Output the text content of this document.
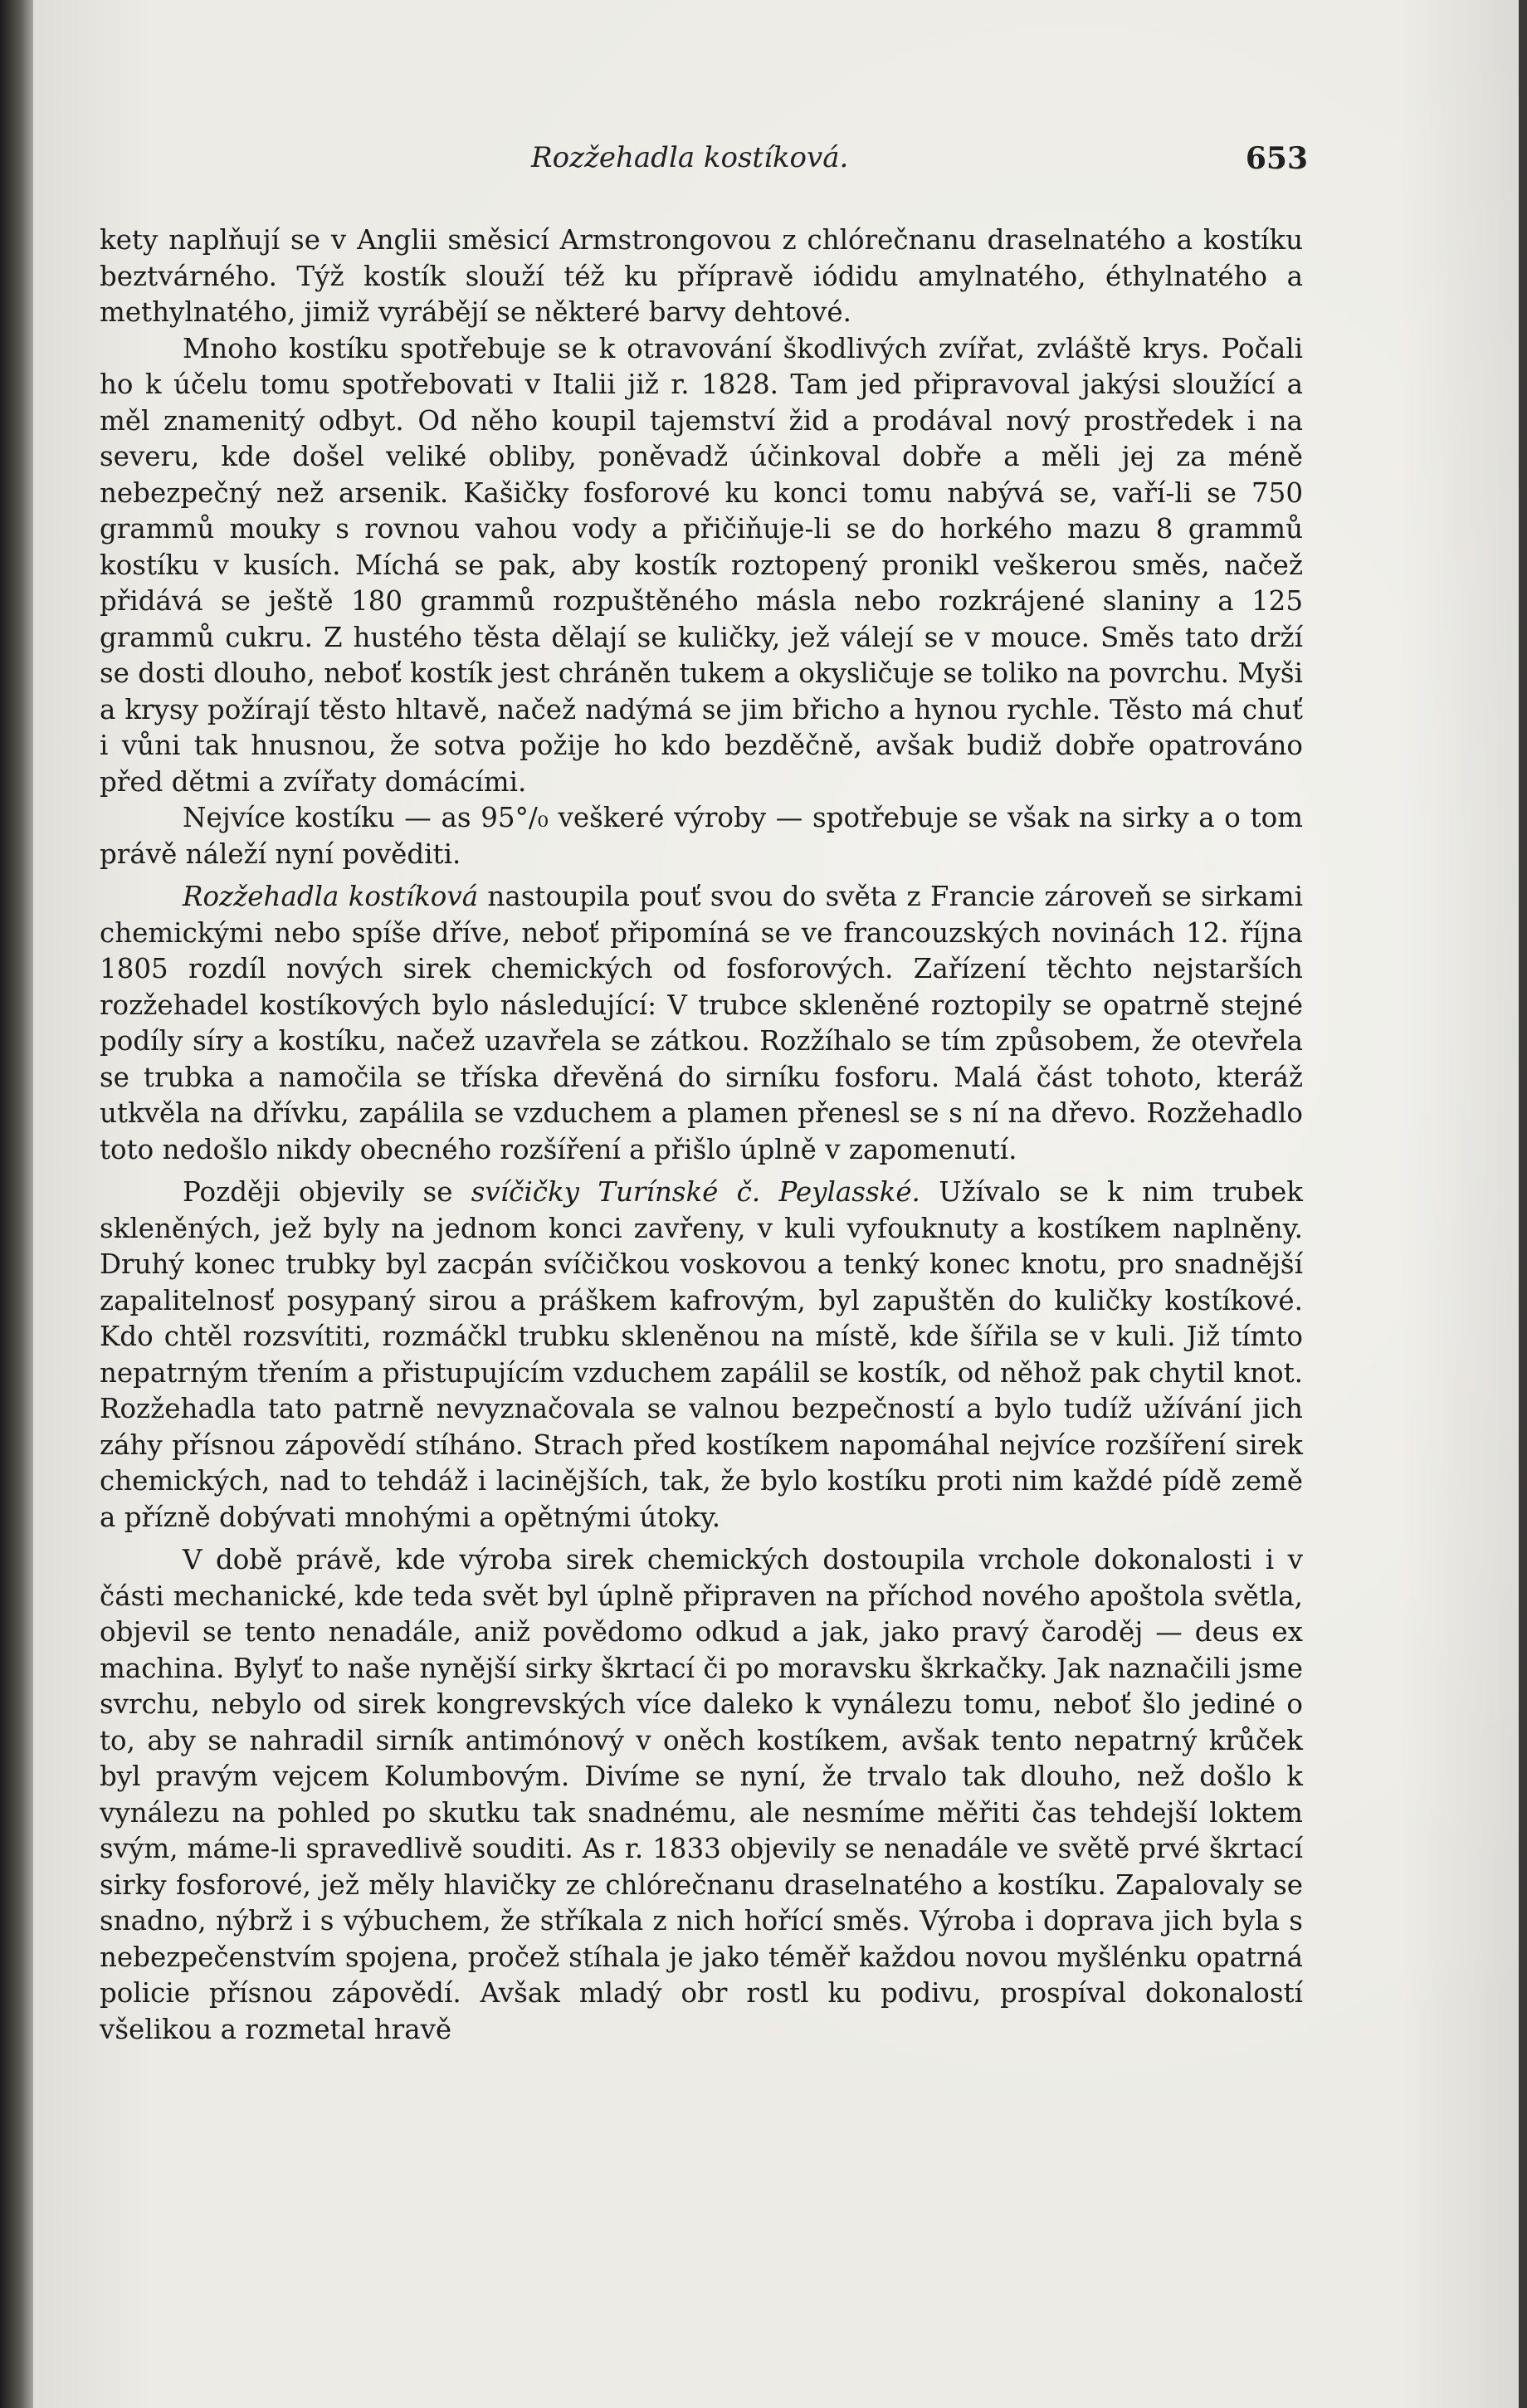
Rozžehadla kostíková.	653

kety naplňují se v Anglii směsicí Armstrongovou z chlórečnanu draselnatého a kostíku beztvárného. Týž kostík slouží též ku přípravě iódidu amylnatého, éthylnatého a methylnatého, jimiž vyrábějí se některé barvy dehtové.

Mnoho kostíku spotřebuje se k otravování škodlivých zvířat, zvláště krys. Počali ho k účelu tomu spotřebovati v Italii již r. 1828. Tam jed připravoval jakýsi sloužící a měl znamenitý odbyt. Od něho koupil tajemství žid a prodával nový prostředek i na severu, kde došel veliké obliby, poněvadž účinkoval dobře a měli jej za méně nebezpečný než arsenik. Kašičky fosforové ku konci tomu nabývá se, vaří-li se 750 grammů mouky s rovnou vahou vody a přičiňuje-li se do horkého mazu 8 grammů kostíku v kusích. Míchá se pak, aby kostík roztopený pronikl veškerou směs, načež přidává se ještě 180 grammů rozpuštěného másla nebo rozkrájené slaniny a 125 grammů cukru. Z hustého těsta dělají se kuličky, jež válejí se v mouce. Směs tato drží se dosti dlouho, neboť kostík jest chráněn tukem a okysličuje se toliko na povrchu. Myši a krysy požírají těsto hltavě, načež nadýmá se jim břicho a hynou rychle. Těsto má chuť i vůni tak hnusnou, že sotva požije ho kdo bezděčně, avšak budiž dobře opatrováno před dětmi a zvířaty domácími.

Nejvíce kostíku — as 95°/₀ veškeré výroby — spotřebuje se však na sirky a o tom právě náleží nyní pověditi.

Rozžehadla kostíková nastoupila pouť svou do světa z Francie zároveň se sirkami chemickými nebo spíše dříve, neboť připomíná se ve francouzských novinách 12. října 1805 rozdíl nových sirek chemických od fosforových. Zařízení těchto nejstarších rozžehadel kostíkových bylo následující: V trubce skleněné roztopily se opatrně stejné podíly síry a kostíku, načež uzavřela se zátkou. Rozžíhalo se tím způsobem, že otevřela se trubka a namočila se tříska dřevěná do sirníku fosforu. Malá část tohoto, kteráž utkvěla na dřívku, zapálila se vzduchem a plamen přenesl se s ní na dřevo. Rozžehadlo toto nedošlo nikdy obecného rozšíření a přišlo úplně v zapomenutí.

Později objevily se svíčičky Turínské č. Peylasské. Užívalo se k nim trubek skleněných, jež byly na jednom konci zavřeny, v kuli vyfouknuty a kostíkem naplněny. Druhý konec trubky byl zacpán svíčičkou voskovou a tenký konec knotu, pro snadnější zapalitelnosť posypaný sirou a práškem kafrovým, byl zapuštěn do kuličky kostíkové. Kdo chtěl rozsvítiti, rozmáčkl trubku skleněnou na místě, kde šířila se v kuli. Již tímto nepatrným třením a přistupujícím vzduchem zapálil se kostík, od něhož pak chytil knot. Rozžehadla tato patrně nevyznačovala se valnou bezpečností a bylo tudíž užívání jich záhy přísnou zápovědí stíháno. Strach před kostíkem napomáhal nejvíce rozšíření sirek chemických, nad to tehdáž i lacinějších, tak, že bylo kostíku proti nim každé pídě země a přízně dobývati mnohými a opětnými útoky.

V době právě, kde výroba sirek chemických dostoupila vrchole dokonalosti i v části mechanické, kde teda svět byl úplně připraven na příchod nového apoštola světla, objevil se tento nenadále, aniž povědomo odkud a jak, jako pravý čaroděj — deus ex machina. Bylyť to naše nynější sirky škrtací či po moravsku škrkačky. Jak naznačili jsme svrchu, nebylo od sirek kongrevských více daleko k vynálezu tomu, neboť šlo jediné o to, aby se nahradil sirník antimónový v oněch kostíkem, avšak tento nepatrný krůček byl pravým vejcem Kolumbovým. Divíme se nyní, že trvalo tak dlouho, než došlo k vynálezu na pohled po skutku tak snadnému, ale nesmíme měřiti čas tehdejší loktem svým, máme-li spravedlivě souditi. As r. 1833 objevily se nenadále ve světě prvé škrtací sirky fosforové, jež měly hlavičky ze chlórečnanu draselnatého a kostíku. Zapalovaly se snadno, nýbrž i s výbuchem, že stříkala z nich hořící směs. Výroba i doprava jich byla s nebezpečenstvím spojena, pročež stíhala je jako téměř každou novou myšlénku opatrná policie přísnou zápovědí. Avšak mladý obr rostl ku podivu, prospíval dokonalostí všelikou a rozmetal hravě
